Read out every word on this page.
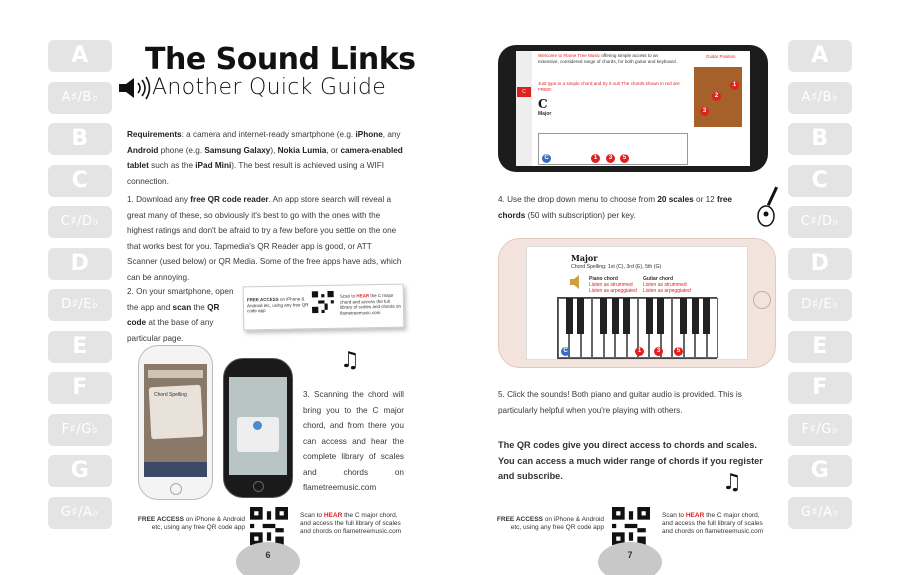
A
A♯/B♭
B
C
C♯/D♭
D
D♯/E♭
E
F
F♯/G♭
G
G♯/A♭
A
A♯/B♭
B
C
C♯/D♭
D
D♯/E♭
E
F
F♯/G♭
G
G♯/A♭
The Sound Links
Another Quick Guide
Requirements: a camera and internet-ready smartphone (e.g. iPhone, any Android phone (e.g. Samsung Galaxy), Nokia Lumia, or camera-enabled tablet such as the iPad Mini). The best result is achieved using a WIFI connection.
1. Download any free QR code reader. An app store search will reveal a great many of these, so obviously it's best to go with the ones with the highest ratings and don't be afraid to try a few before you settle on the one that works best for you. Tapmedia's QR Reader app is good, or ATT Scanner (used below) or QR Media. Some of the free apps have ads, which can be annoying.
2. On your smartphone, open the app and scan the QR code at the base of any particular page.
FREE ACCESS on iPhone & Android etc, using any free QR code app
Scan to HEAR the C major chord and access the full library of scales and chords on flametreemusic.com
Chord Spelling
♫
3. Scanning the chord will bring you to the C major chord, and from there you can access and hear the complete library of scales and chords on flametreemusic.com
FREE ACCESS on iPhone & Android etc, using any free QR code app
Scan to HEAR the C major chord, and access the full library of scales and chords on flametreemusic.com
6
C
Welcome to Flame Tree Music offering simple access to an extensive, considered range of chords, for both guitar and keyboard.
Just type in a simple chord and try it out! The chords shown in red are FREE!
C
Major
Guitar Position
2
1
3
C	1	3	5
4. Use the drop down menu to choose from 20 scales or 12 free chords (50 with subscription) per key.
Major
Chord Spelling: 1st (C), 3rd (E), 5th (G)
Piano chord
Listen as strummed
Listen as arpeggiated
Guitar chord
Listen as strummed
Listen as arpeggiated
C	1	3	5
5. Click the sounds! Both piano and guitar audio is provided. This is particularly helpful when you're playing with others.
The QR codes give you direct access to chords and scales. You can access a much wider range of chords if you register and subscribe.	♫
FREE ACCESS on iPhone & Android etc, using any free QR code app
Scan to HEAR the C major chord, and access the full library of scales and chords on flametreemusic.com
7
